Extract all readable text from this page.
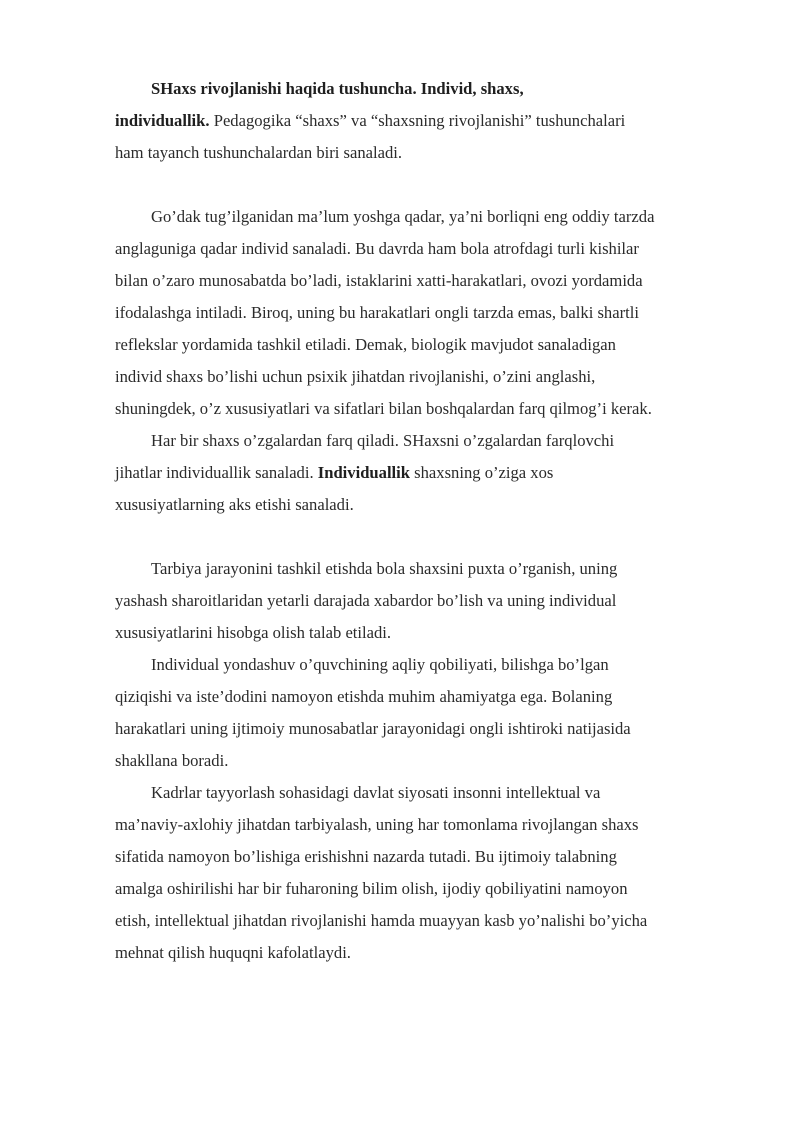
SHaxs rivojlanishi haqida tushuncha. Individ, shaxs,
individuallik. Pedagogika “shaxs” va “shaxsning rivojlanishi” tushunchalari
ham tayanch tushunchalardan biri sanaladi.
Go’dak tug’ilganidan ma’lum yoshga qadar, ya’ni borliqni eng oddiy tarzda
anglaguniga qadar individ sanaladi. Bu davrda ham bola atrofdagi turli kishilar
bilan o’zaro munosabatda bo’ladi, istaklarini xatti-harakatlari, ovozi yordamida
ifodalashga intiladi. Biroq, uning bu harakatlari ongli tarzda emas, balki shartli
reflekslar yordamida tashkil etiladi. Demak, biologik mavjudot sanaladigan
individ shaxs bo’lishi uchun psixik jihatdan rivojlanishi, o’zini anglashi,
shuningdek, o’z xususiyatlari va sifatlari bilan boshqalardan farq qilmog’i kerak.
Har bir shaxs o’zgalardan farq qiladi. SHaxsni o’zgalardan farqlovchi
jihatlar individuallik sanaladi. Individuallik shaxsning o’ziga xos
xususiyatlarning aks etishi sanaladi.
Tarbiya jarayonini tashkil etishda bola shaxsini puxta o’rganish, uning
yashash sharoitlaridan yetarli darajada xabardor bo’lish va uning individual
xususiyatlarini hisobga olish talab etiladi.
Individual yondashuv o’quvchining aqliy qobiliyati, bilishga bo’lgan
qiziqishi va iste’dodini namoyon etishda muhim ahamiyatga ega. Bolaning
harakatlari uning ijtimoiy munosabatlar jarayonidagi ongli ishtiroki natijasida
shakllana boradi.
Kadrlar tayyorlash sohasidagi davlat siyosati insonni intellektual va
ma’naviy-axlohiy jihatdan tarbiyalash, uning har tomonlama rivojlangan shaxs
sifatida namoyon bo’lishiga erishishni nazarda tutadi. Bu ijtimoiy talabning
amalga oshirilishi har bir fuharoning bilim olish, ijodiy qobiliyatini namoyon
etish, intellektual jihatdan rivojlanishi hamda muayyan kasb yo’nalishi bo’yicha
mehnat qilish huquqni kafolatlaydi.
